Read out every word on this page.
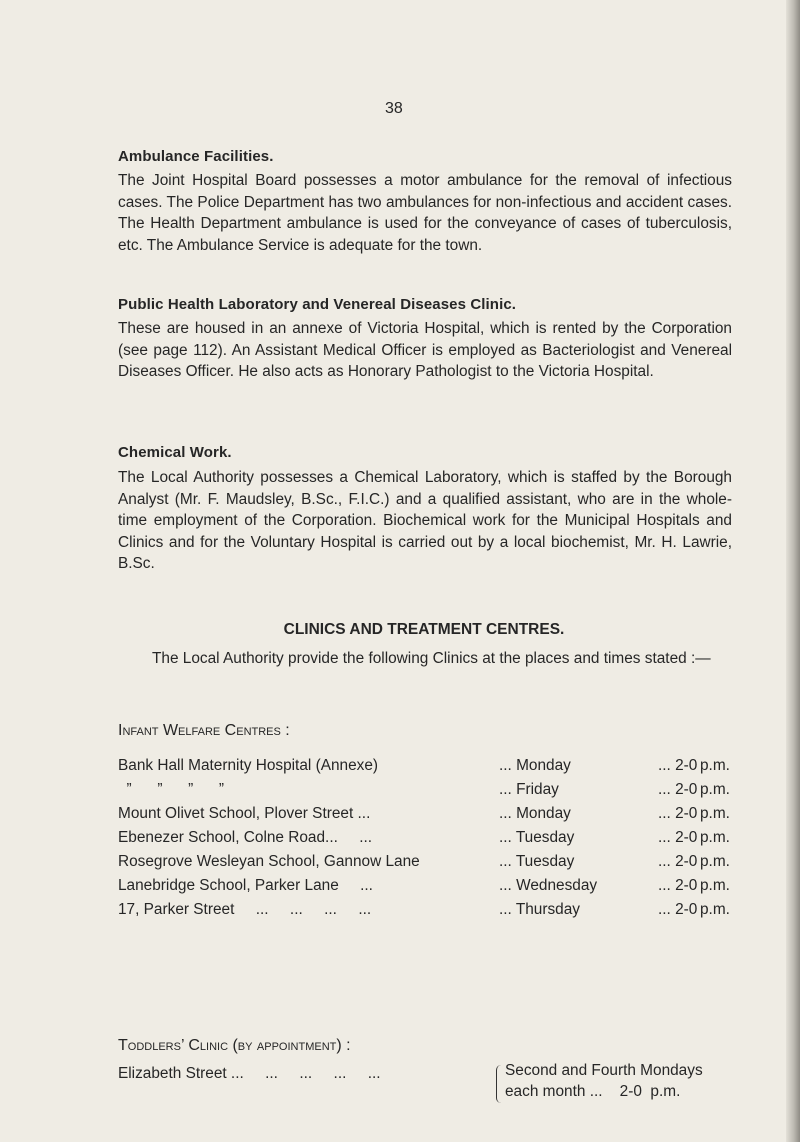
38
Ambulance Facilities.

The Joint Hospital Board possesses a motor ambulance for the removal of infectious cases. The Police Department has two ambulances for non-infectious and accident cases. The Health Department ambulance is used for the conveyance of cases of tuberculosis, etc. The Ambulance Service is adequate for the town.

Public Health Laboratory and Venereal Diseases Clinic.

These are housed in an annexe of Victoria Hospital, which is rented by the Corporation (see page 112). An Assistant Medical Officer is employed as Bacteriologist and Venereal Diseases Officer. He also acts as Honorary Pathologist to the Victoria Hospital.

Chemical Work.

The Local Authority possesses a Chemical Laboratory, which is staffed by the Borough Analyst (Mr. F. Maudsley, B.Sc., F.I.C.) and a qualified assistant, who are in the whole-time employment of the Corporation. Biochemical work for the Municipal Hospitals and Clinics and for the Voluntary Hospital is carried out by a local biochemist, Mr. H. Lawrie, B.Sc.

CLINICS AND TREATMENT CENTRES.

The Local Authority provide the following Clinics at the places and times stated :—

Infant Welfare Centres :
Bank Hall Maternity Hospital (Annexe)	... Monday	... 2-0 p.m.
”      ”      ”      ”	... Friday	... 2-0 p.m.
Mount Olivet School, Plover Street ...	... Monday	... 2-0 p.m.
Ebenezer School, Colne Road...     ...	... Tuesday	... 2-0 p.m.
Rosegrove Wesleyan School, Gannow Lane	... Tuesday	... 2-0 p.m.
Lanebridge School, Parker Lane     ...	... Wednesday	... 2-0 p.m.
17, Parker Street     ...     ...     ...     ...	... Thursday	... 2-0 p.m.
Toddlers’ Clinic (by appointment) :
Elizabeth Street ...     ...     ...     ...     ...	Second and Fourth Mondays
each month ...    2-0  p.m.
